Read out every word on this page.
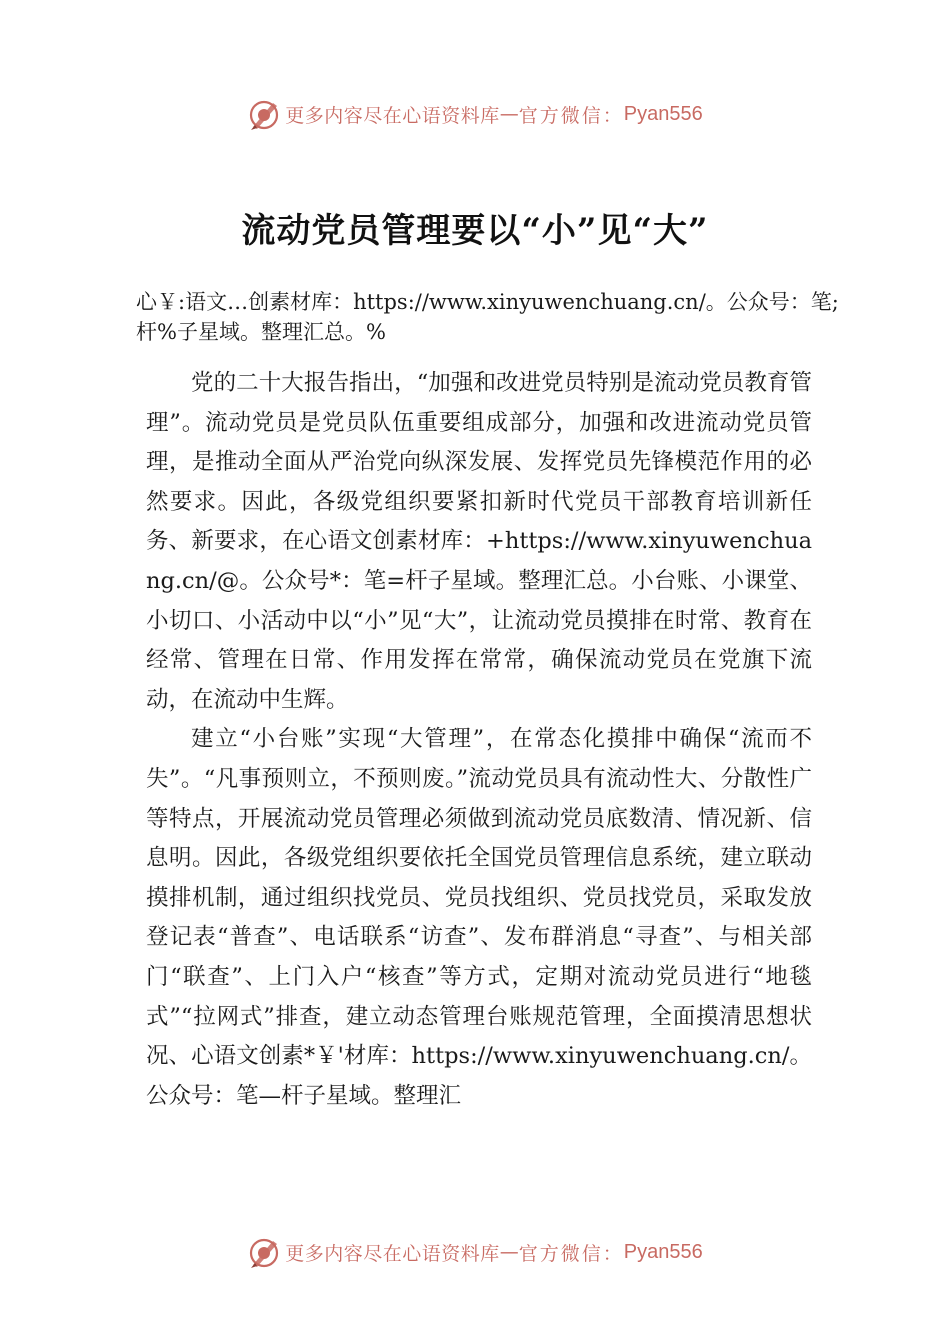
更多内容尽在心语资料库 — 官方微信： Pyan556
流动党员管理要以“小”见“大”
心￥:语文…创素材库：https://www.xinyuwenchuang.cn/。公众号：笔;杆%子星域。整理汇总。%

党的二十大报告指出，“加强和改进党员特别是流动党员教育管理”。流动党员是党员队伍重要组成部分，加强和改进流动党员管理，是推动全面从严治党向纵深发展、发挥党员先锋模范作用的必然要求。因此，各级党组织要紧扣新时代党员干部教育培训新任务、新要求，在心语文创素材库：+https://www.xinyuwenchuang.cn/@。公众号*：笔=杆子星域。整理汇总。小台账、小课堂、 小切口、小活动中以“小”见“大”，让流动党员摸排在时常、教育在经常、管理在日常、作用发挥在常常，确保流动党员在党旗下流动，在流动中生辉。

建立“小台账”实现“大管理”，在常态化摸排中确保“流而不失”。“凡事预则立，不预则废。”流动党员具有流动性大、分散性广等特点，开展流动党员管理必须做到流动党员底数清、情况新、信息明。因此，各级党组织要依托全国党员管理信息系统，建立联动摸排机制，通过组织找党员、党员找组织、党员找党员，采取发放登记表“普查”、电话联系“访查”、发布群消息“寻查”、与相关部门“联查”、上门入户“核查”等方式，定期对流动党员进行“地毯式”“拉网式”排查，建立动态管理台账规范管理，全面摸清思想状况、心语文创素*￥'材库：https://www.xinyuwenchuang.cn/。公众号：笔—杆子星域。整理汇

更多内容尽在心语资料库 — 官方微信： Pyan556
